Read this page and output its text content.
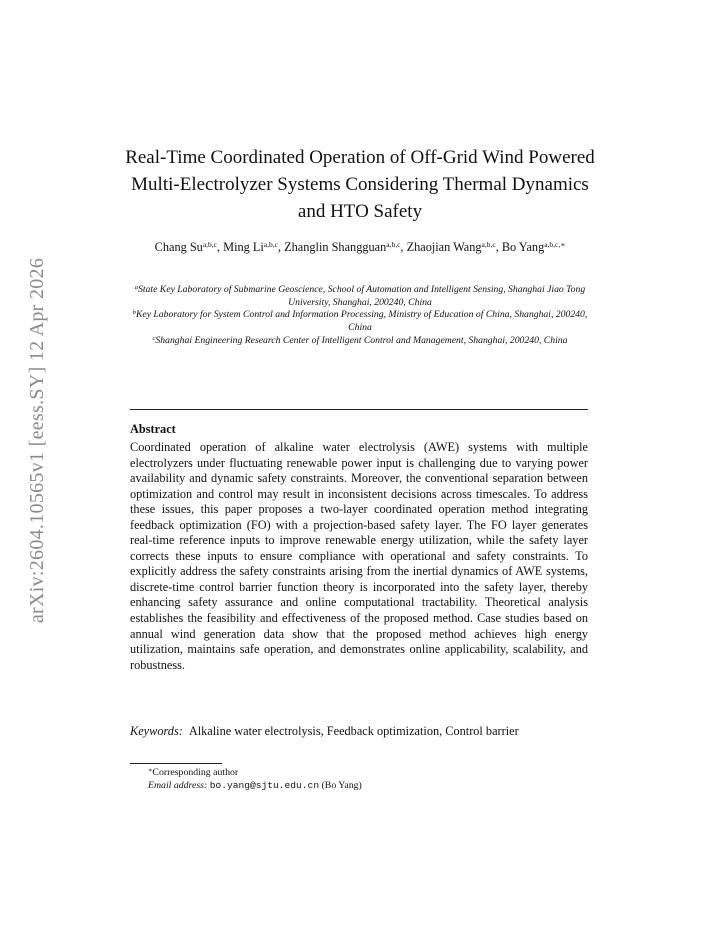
arXiv:2604.10565v1 [eess.SY] 12 Apr 2026
Real-Time Coordinated Operation of Off-Grid Wind Powered Multi-Electrolyzer Systems Considering Thermal Dynamics and HTO Safety
Chang Su$^{a,b,c}$, Ming Li$^{a,b,c}$, Zhanglin Shangguan$^{a,b,c}$, Zhaojian Wang$^{a,b,c}$, Bo Yang$^{a,b,c,∗}$

$^a$State Key Laboratory of Submarine Geoscience, School of Automation and Intelligent Sensing, Shanghai Jiao Tong University, Shanghai, 200240, China

$^b$Key Laboratory for System Control and Information Processing, Ministry of Education of China, Shanghai, 200240, China

$^c$Shanghai Engineering Research Center of Intelligent Control and Management, Shanghai, 200240, China

Abstract

Coordinated operation of alkaline water electrolysis (AWE) systems with multiple electrolyzers under fluctuating renewable power input is challenging due to varying power availability and dynamic safety constraints. Moreover, the conventional separation between optimization and control may result in inconsistent decisions across timescales. To address these issues, this paper proposes a two-layer coordinated operation method integrating feedback optimization (FO) with a projection-based safety layer. The FO layer generates real-time reference inputs to improve renewable energy utilization, while the safety layer corrects these inputs to ensure compliance with operational and safety constraints. To explicitly address the safety constraints arising from the inertial dynamics of AWE systems, discrete-time control barrier function theory is incorporated into the safety layer, thereby enhancing safety assurance and online computational tractability. Theoretical analysis establishes the feasibility and effectiveness of the proposed method. Case studies based on annual wind generation data show that the proposed method achieves high energy utilization, maintains safe operation, and demonstrates online applicability, scalability, and robustness.

Keywords: Alkaline water electrolysis, Feedback optimization, Control barrier
∗Corresponding author
Email address: bo.yang@sjtu.edu.cn (Bo Yang)
